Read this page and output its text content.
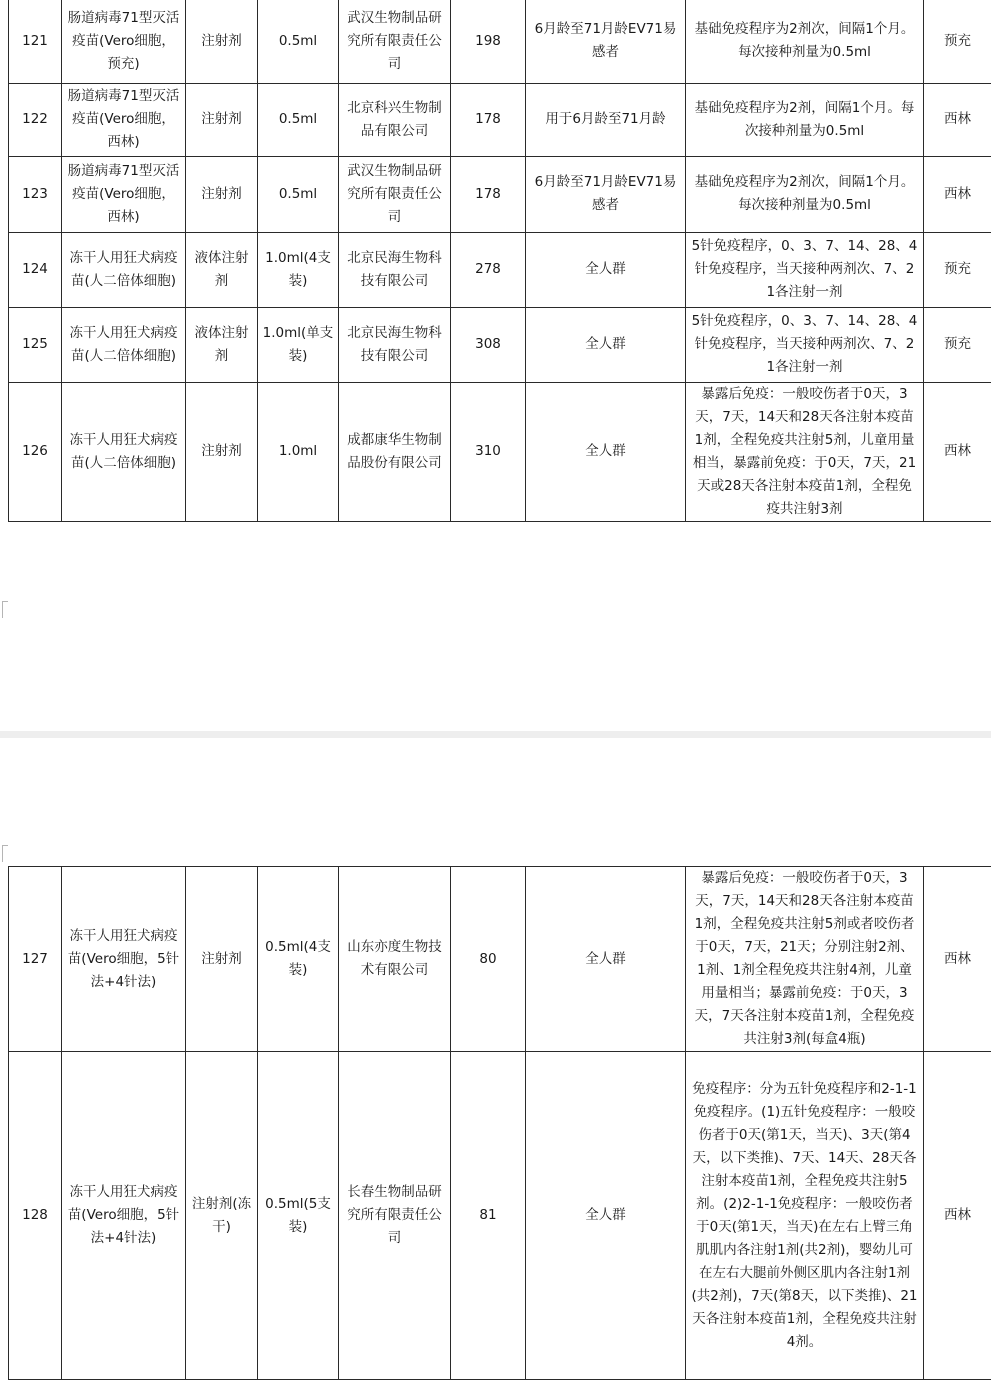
121	肠道病毒71型灭活疫苗(Vero细胞，预充)	注射剂	0.5ml	武汉生物制品研究所有限责任公司	198	6月龄至71月龄EV71易感者	基础免疫程序为2剂次，间隔1个月。每次接种剂量为0.5ml	预充
122	肠道病毒71型灭活疫苗(Vero细胞，西林)	注射剂	0.5ml	北京科兴生物制品有限公司	178	用于6月龄至71月龄	基础免疫程序为2剂，间隔1个月。每次接种剂量为0.5ml	西林
123	肠道病毒71型灭活疫苗(Vero细胞，西林)	注射剂	0.5ml	武汉生物制品研究所有限责任公司	178	6月龄至71月龄EV71易感者	基础免疫程序为2剂次，间隔1个月。每次接种剂量为0.5ml	西林
124	冻干人用狂犬病疫苗(人二倍体细胞)	液体注射剂	1.0ml(4支装)	北京民海生物科技有限公司	278	全人群	5针免疫程序，0、3、7、14、28、4针免疫程序，当天接种两剂次、7、21各注射一剂	预充
125	冻干人用狂犬病疫苗(人二倍体细胞)	液体注射剂	1.0ml(单支装)	北京民海生物科技有限公司	308	全人群	5针免疫程序，0、3、7、14、28、4针免疫程序，当天接种两剂次、7、21各注射一剂	预充
126	冻干人用狂犬病疫苗(人二倍体细胞)	注射剂	1.0ml	成都康华生物制品股份有限公司	310	全人群	暴露后免疫：一般咬伤者于0天，3天，7天，14天和28天各注射本疫苗1剂，全程免疫共注射5剂，儿童用量相当，暴露前免疫：于0天，7天，21天或28天各注射本疫苗1剂，全程免疫共注射3剂	西林
127	冻干人用狂犬病疫苗(Vero细胞，5针法+4针法)	注射剂	0.5ml(4支装)	山东亦度生物技术有限公司	80	全人群	暴露后免疫：一般咬伤者于0天，3天，7天，14天和28天各注射本疫苗1剂，全程免疫共注射5剂或者咬伤者于0天，7天，21天；分别注射2剂、1剂、1剂全程免疫共注射4剂，儿童用量相当；暴露前免疫：于0天，3天，7天各注射本疫苗1剂，全程免疫共注射3剂(每盒4瓶)	西林
128	冻干人用狂犬病疫苗(Vero细胞，5针法+4针法)	注射剂(冻干)	0.5ml(5支装)	长春生物制品研究所有限责任公司	81	全人群	免疫程序：分为五针免疫程序和2-1-1免疫程序。(1)五针免疫程序：一般咬伤者于0天(第1天，当天)、3天(第4天，以下类推)、7天、14天、28天各注射本疫苗1剂，全程免疫共注射5剂。(2)2-1-1免疫程序：一般咬伤者于0天(第1天，当天)在左右上臂三角肌肌内各注射1剂(共2剂)，婴幼儿可在左右大腿前外侧区肌内各注射1剂(共2剂)，7天(第8天，以下类推)、21天各注射本疫苗1剂，全程免疫共注射4剂。	西林
